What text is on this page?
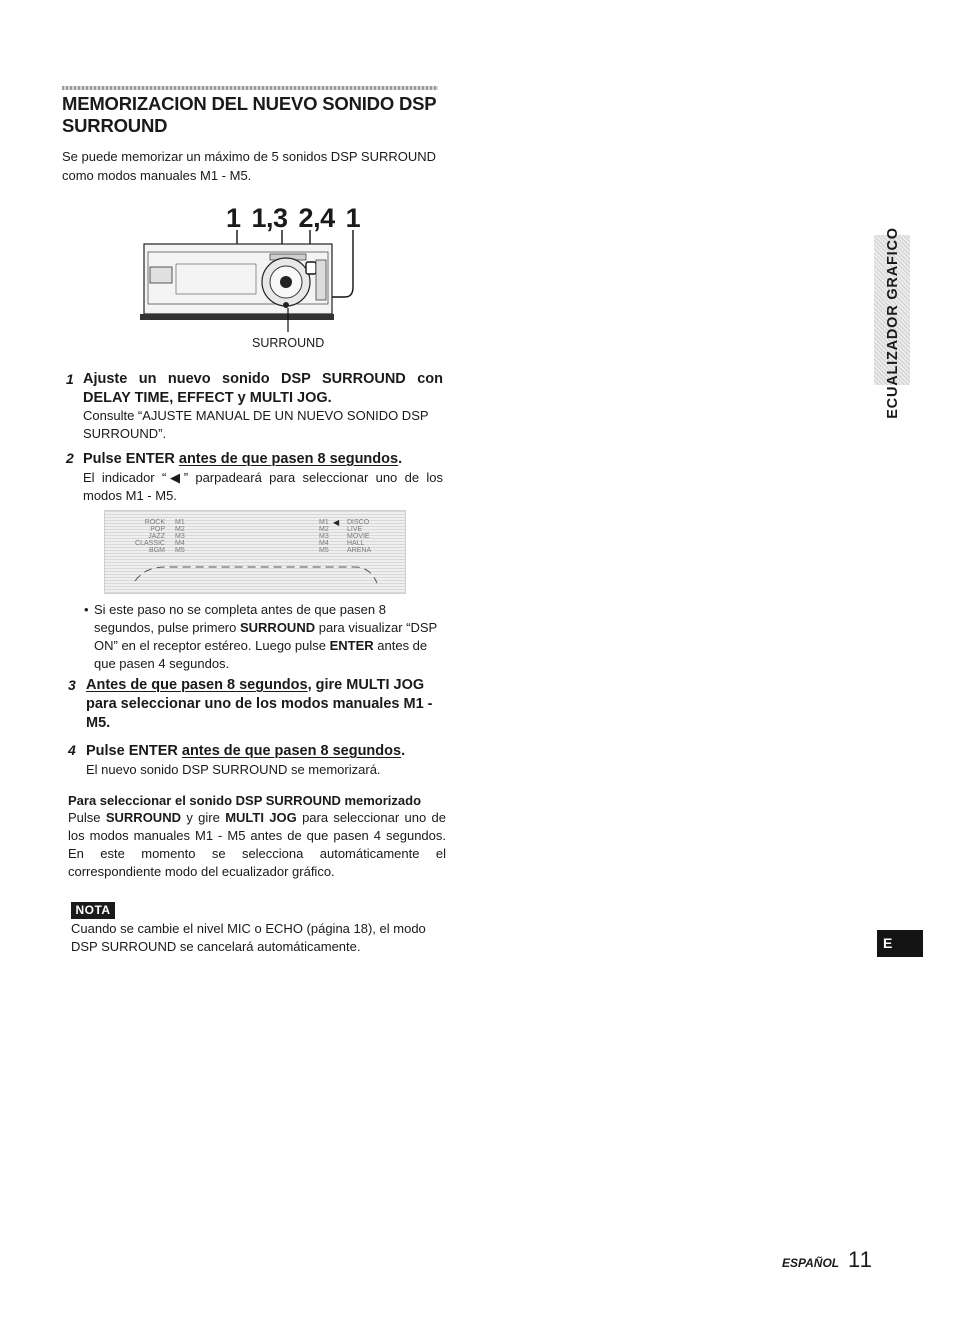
MEMORIZACION DEL NUEVO SONIDO DSP SURROUND

Se puede memorizar un máximo de 5 sonidos DSP SURROUND como modos manuales M1 - M5.

1 1,3 2,4 1
SURROUND
1 Ajuste un nuevo sonido DSP SURROUND con DELAY TIME, EFFECT y MULTI JOG.

Consulte “AJUSTE MANUAL DE UN NUEVO SONIDO DSP SURROUND”.

2 Pulse ENTER antes de que pasen 8 segundos.

El indicador “◀” parpadeará para seleccionar uno de los modos M1 - M5.

ROCK
POP
JAZZ
CLASSIC
BGM
M1
M2
M3
M4
M5
M1
M2
M3
M4
M5
◀ DISCO
LIVE
MOVIE
HALL
ARENA

• Si este paso no se completa antes de que pasen 8 segundos, pulse primero SURROUND para visualizar “DSP ON” en el receptor estéreo. Luego pulse ENTER antes de que pasen 4 segundos.

3 Antes de que pasen 8 segundos, gire MULTI JOG para seleccionar uno de los modos manuales M1 - M5.

4 Pulse ENTER antes de que pasen 8 segundos.

El nuevo sonido DSP SURROUND se memorizará.

Para seleccionar el sonido DSP SURROUND memorizado

Pulse SURROUND y gire MULTI JOG para seleccionar uno de los modos manuales M1 - M5 antes de que pasen 4 segundos. En este momento se selecciona automáticamente el correspondiente modo del ecualizador gráfico.

NOTA

Cuando se cambie el nivel MIC o ECHO (página 18), el modo DSP SURROUND se cancelará automáticamente.

ECUALIZADOR GRAFICO
E
ESPAÑOL 11
